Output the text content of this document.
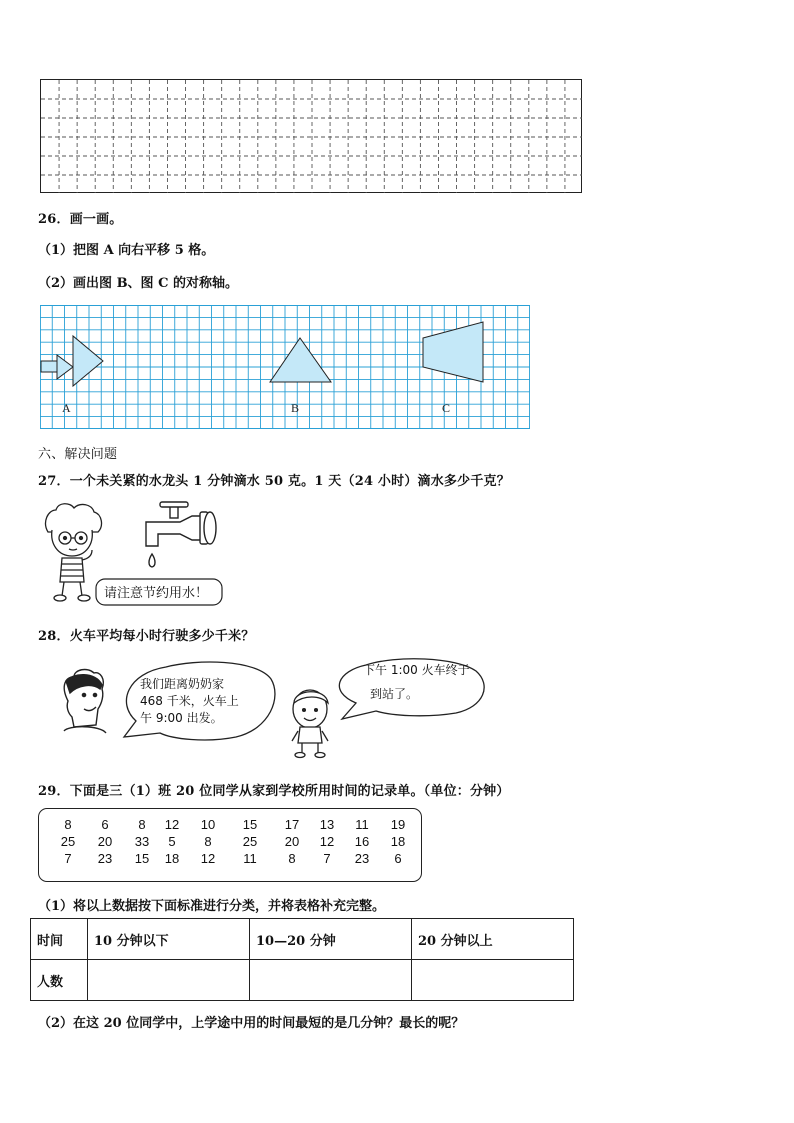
26．画一画。
（1）把图 A 向右平移 5 格。
（2）画出图 B、图 C 的对称轴。
A	B	C
六、解决问题
27．一个未关紧的水龙头 1 分钟滴水 50 克。1 天（24 小时）滴水多少千克？
请注意节约用水！
28．火车平均每小时行驶多少千米？
我们距离奶奶家
468 千米，火车上
午 9:00 出发。
下午 1:00 火车终于
到站了。
29．下面是三（1）班 20 位同学从家到学校所用时间的记录单。（单位：分钟）
8	6	8	12	10	15	17	13	11	19
25	20	33	5	8	25	20	12	16	18
7	23	15	18	12	11	8	7	23	6
（1）将以上数据按下面标准进行分类，并将表格补充完整。
时间	10 分钟以下	10—20 分钟	20 分钟以上
人数			
（2）在这 20 位同学中，上学途中用的时间最短的是几分钟？最长的呢？
